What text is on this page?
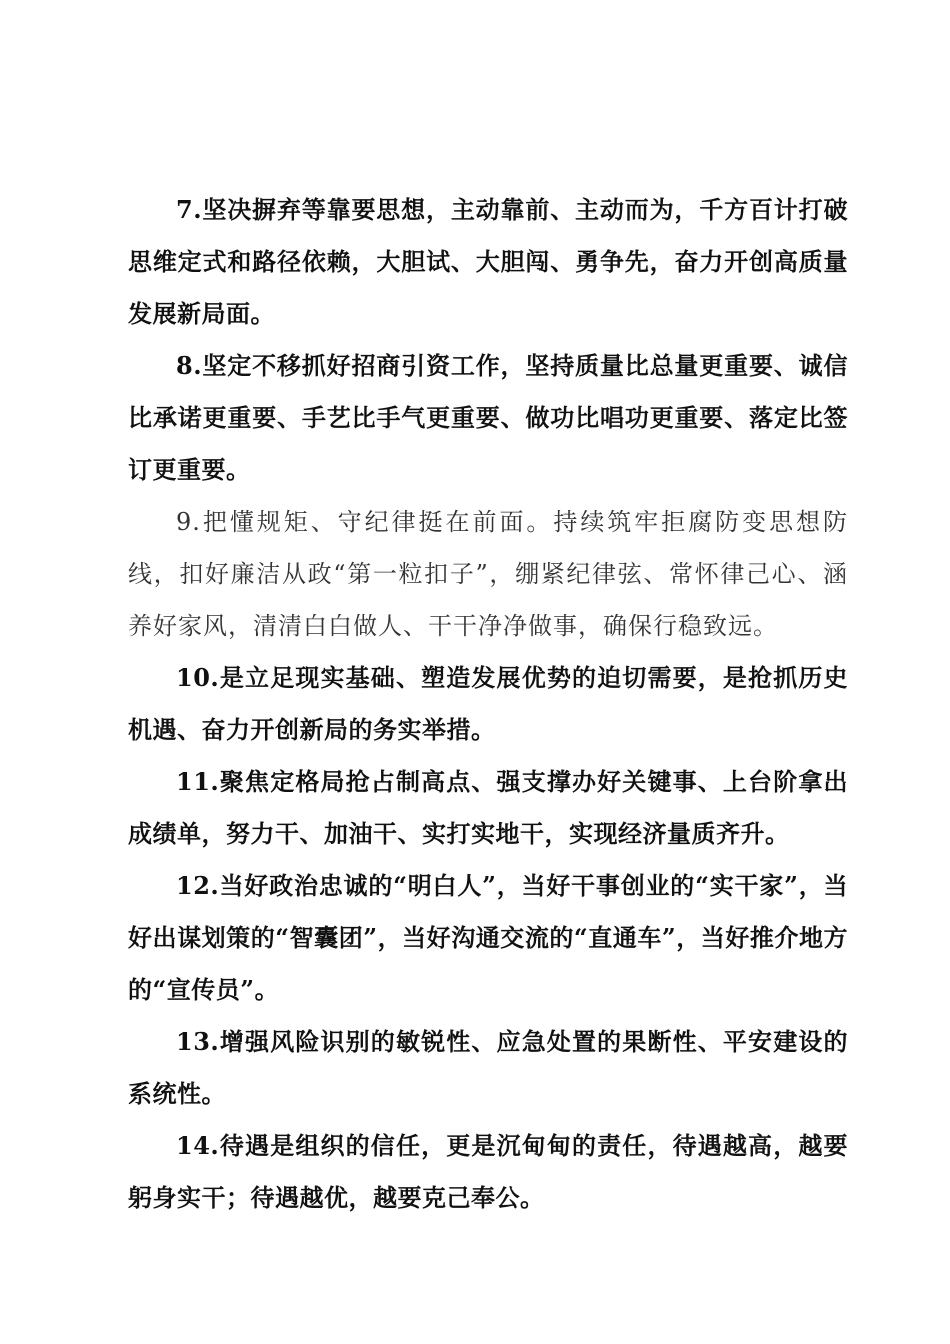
7.坚决摒弃等靠要思想，主动靠前、主动而为，千方百计打破思维定式和路径依赖，大胆试、大胆闯、勇争先，奋力开创高质量发展新局面。

8.坚定不移抓好招商引资工作，坚持质量比总量更重要、诚信比承诺更重要、手艺比手气更重要、做功比唱功更重要、落定比签订更重要。

9.把懂规矩、守纪律挺在前面。持续筑牢拒腐防变思想防线，扣好廉洁从政“第一粒扣子”，绷紧纪律弦、常怀律己心、涵养好家风，清清白白做人、干干净净做事，确保行稳致远。

10.是立足现实基础、塑造发展优势的迫切需要，是抢抓历史机遇、奋力开创新局的务实举措。

11.聚焦定格局抢占制高点、强支撑办好关键事、上台阶拿出成绩单，努力干、加油干、实打实地干，实现经济量质齐升。

12.当好政治忠诚的“明白人”，当好干事创业的“实干家”，当好出谋划策的“智囊团”，当好沟通交流的“直通车”，当好推介地方的“宣传员”。

13.增强风险识别的敏锐性、应急处置的果断性、平安建设的系统性。

14.待遇是组织的信任，更是沉甸甸的责任，待遇越高，越要躬身实干；待遇越优，越要克己奉公。
